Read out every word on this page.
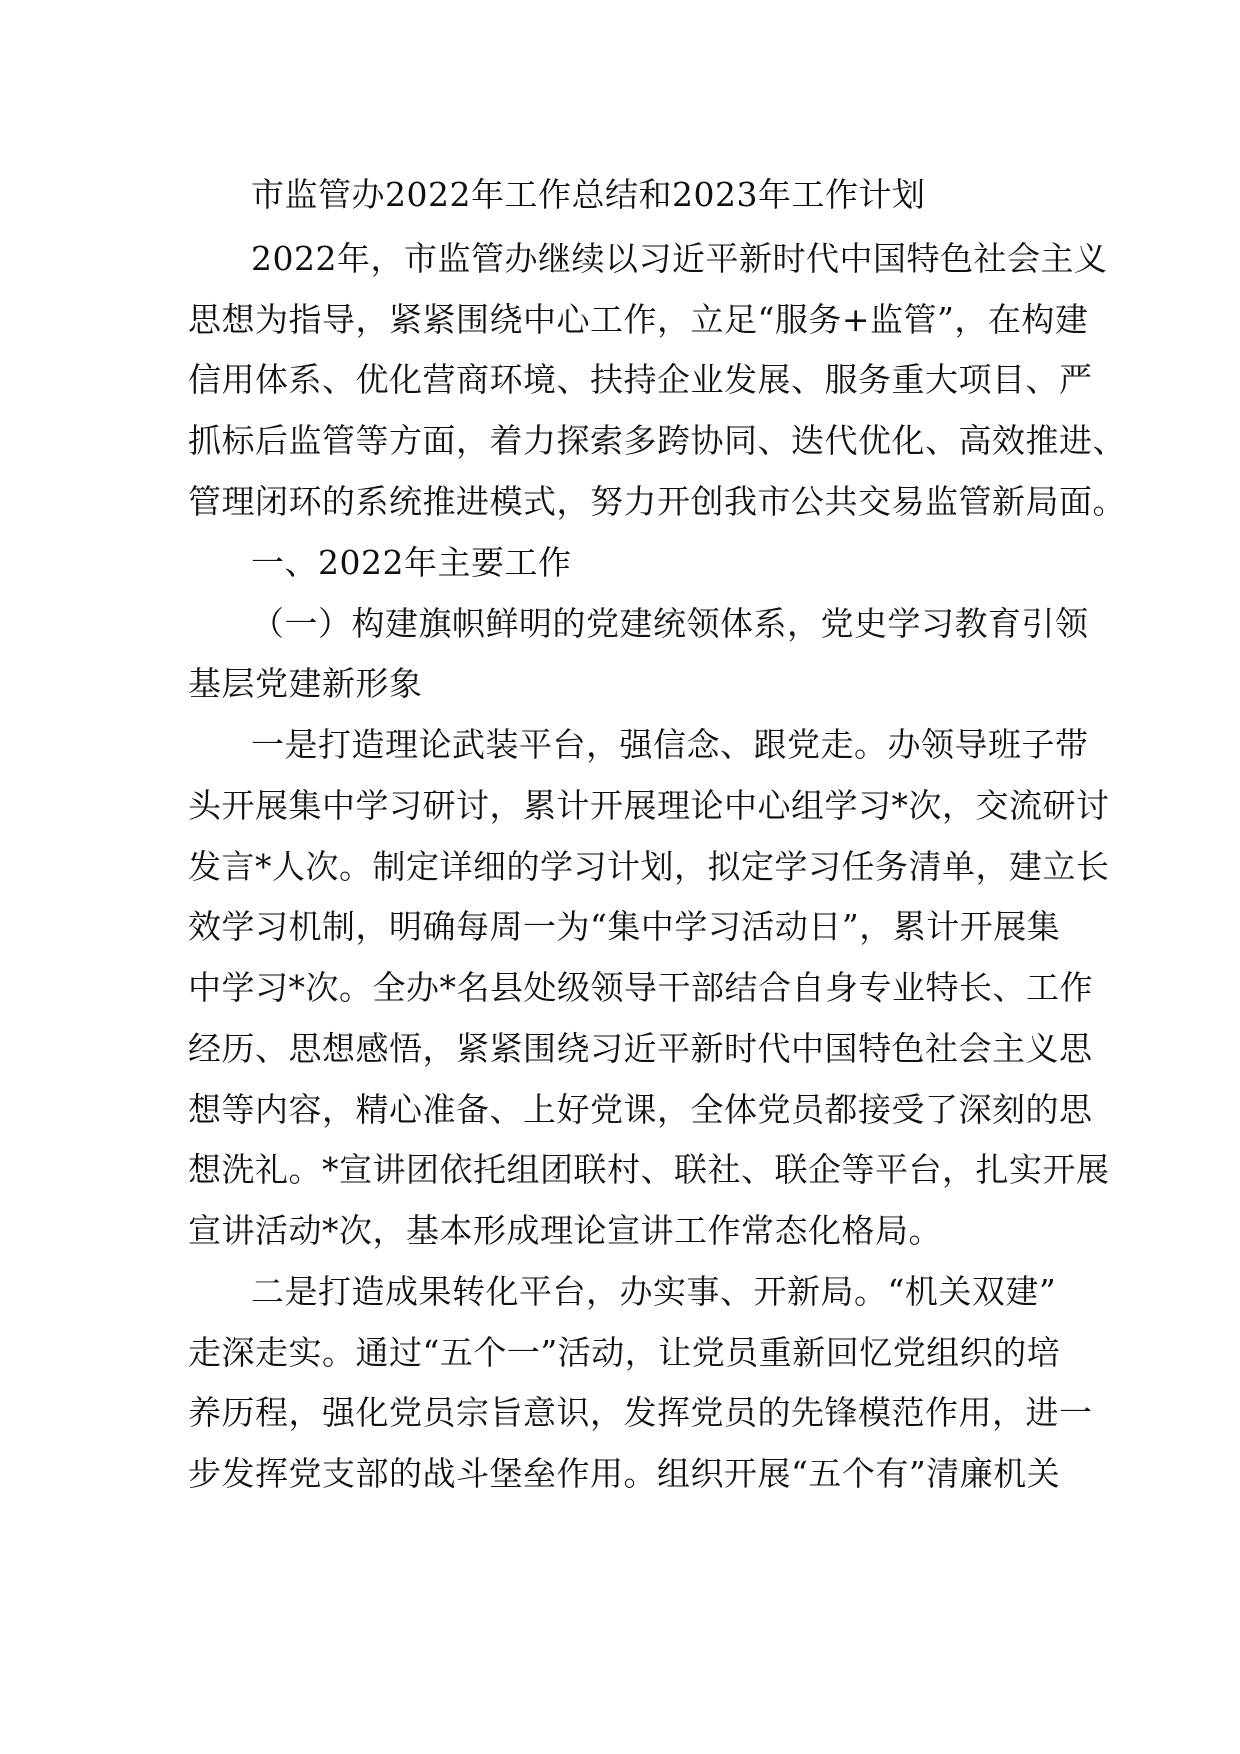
市监管办2022年工作总结和2023年工作计划
2022年，市监管办继续以习近平新时代中国特色社会主义
思想为指导，紧紧围绕中心工作，立足“服务+监管”，在构建
信用体系、优化营商环境、扶持企业发展、服务重大项目、严
抓标后监管等方面，着力探索多跨协同、迭代优化、高效推进、
管理闭环的系统推进模式，努力开创我市公共交易监管新局面。
一、2022年主要工作
（一）构建旗帜鲜明的党建统领体系，党史学习教育引领
基层党建新形象
一是打造理论武装平台，强信念、跟党走。办领导班子带
头开展集中学习研讨，累计开展理论中心组学习*次，交流研讨
发言*人次。制定详细的学习计划，拟定学习任务清单，建立长
效学习机制，明确每周一为“集中学习活动日”，累计开展集
中学习*次。全办*名县处级领导干部结合自身专业特长、工作
经历、思想感悟，紧紧围绕习近平新时代中国特色社会主义思
想等内容，精心准备、上好党课，全体党员都接受了深刻的思
想洗礼。*宣讲团依托组团联村、联社、联企等平台，扎实开展
宣讲活动*次，基本形成理论宣讲工作常态化格局。
二是打造成果转化平台，办实事、开新局。“机关双建”
走深走实。通过“五个一”活动，让党员重新回忆党组织的培
养历程，强化党员宗旨意识，发挥党员的先锋模范作用，进一
步发挥党支部的战斗堡垒作用。组织开展“五个有”清廉机关
